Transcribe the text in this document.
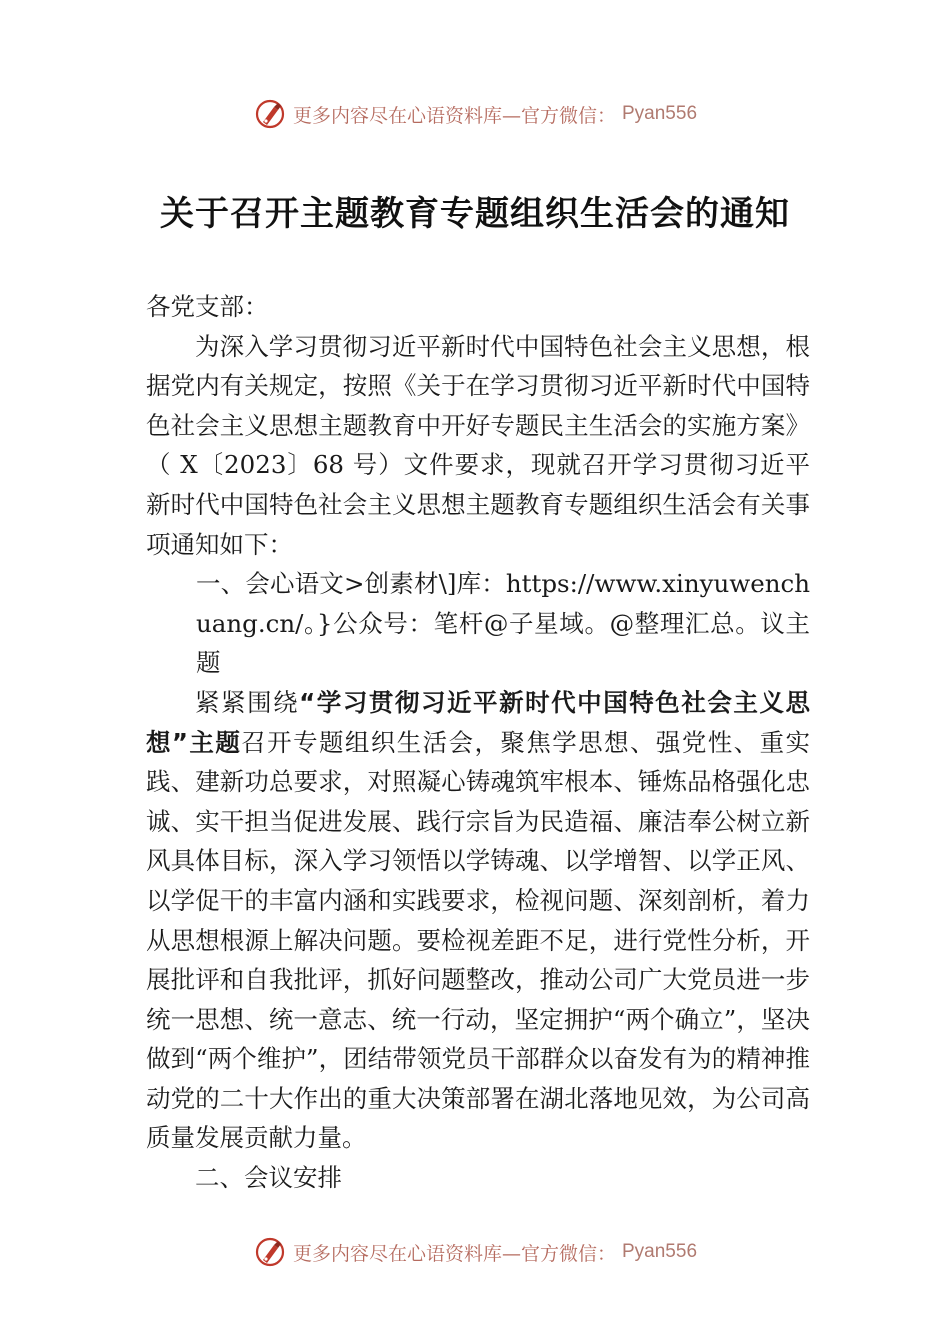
更多内容尽在心语资料库—官方微信： Pyan556
关于召开主题教育专题组织生活会的通知

各党支部：

为深入学习贯彻习近平新时代中国特色社会主义思想，根据党内有关规定，按照《关于在学习贯彻习近平新时代中国特色社会主义思想主题教育中开好专题民主生活会的实施方案》（ X〔2023〕68 号）文件要求，现就召开学习贯彻习近平新时代中国特色社会主义思想主题教育专题组织生活会有关事项通知如下：

一、会心语文>创素材\]库：https://www.xinyuwenchuang.cn/。}公众号：笔杆@子星域。@整理汇总。议主题

紧紧围绕“学习贯彻习近平新时代中国特色社会主义思想”主题召开专题组织生活会，聚焦学思想、强党性、重实践、建新功总要求，对照凝心铸魂筑牢根本、锤炼品格强化忠诚、实干担当促进发展、践行宗旨为民造福、廉洁奉公树立新风具体目标，深入学习领悟以学铸魂、以学增智、以学正风、以学促干的丰富内涵和实践要求，检视问题、深刻剖析，着力从思想根源上解决问题。要检视差距不足，进行党性分析，开展批评和自我批评，抓好问题整改，推动公司广大党员进一步统一思想、统一意志、统一行动，坚定拥护“两个确立”，坚决做到“两个维护”，团结带领党员干部群众以奋发有为的精神推动党的二十大作出的重大决策部署在湖北落地见效，为公司高质量发展贡献力量。

二、会议安排

更多内容尽在心语资料库—官方微信： Pyan556
